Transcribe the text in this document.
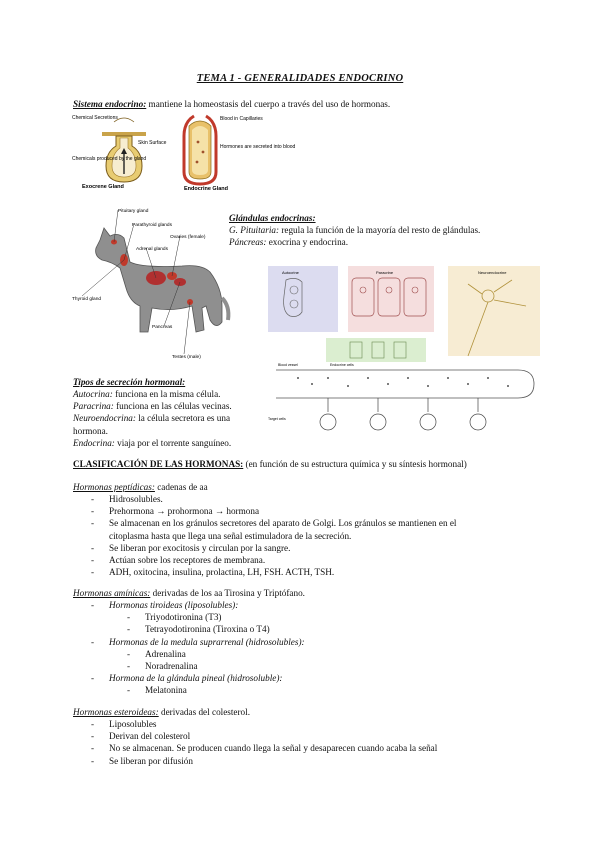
TEMA 1 - GENERALIDADES ENDOCRINO
Sistema endocrino: mantiene la homeostasis del cuerpo a través del uso de hormonas.
Chemical Secretions
Skin Surface
Chemicals produced by the gland
Exocrene Gland
Blood in Capillaries
Hormones are secreted into blood
Endocrine Gland
Pituitary gland
Parathyroid glands
Adrenal glands
Ovaries (female)
Thyroid gland
Pancreas
Testes (male)
Glándulas endocrinas:
G. Pituitaria: regula la función de la mayoría del resto de glándulas.
Páncreas: exocrina y endocrina.
Autocrine	Paracrine	Neuroendocrine
Endocrine cells
Blood vessel
Target cells
Tipos de secreción hormonal:
Autocrina: funciona en la misma célula.
Paracrina: funciona en las células vecinas.
Neuroendocrina: la célula secretora es una
hormona.
Endocrina: viaja por el torrente sanguíneo.
CLASIFICACIÓN DE LAS HORMONAS: (en función de su estructura química y su síntesis hormonal)
Hormonas peptídicas: cadenas de aa
- Hidrosolubles.
- Prehormona → prohormona → hormona
- Se almacenan en los gránulos secretores del aparato de Golgi. Los gránulos se mantienen en el
citoplasma hasta que llega una señal estimuladora de la secreción.
- Se liberan por exocitosis y circulan por la sangre.
- Actúan sobre los receptores de membrana.
- ADH, oxitocina, insulina, prolactina, LH, FSH. ACTH, TSH.
Hormonas amínicas: derivadas de los aa Tirosina y Triptófano.
- Hormonas tiroideas (liposolubles):
- Triyodotironina (T3)
- Tetrayodotironina (Tiroxina o T4)
- Hormonas de la medula suprarrenal (hidrosolubles):
- Adrenalina
- Noradrenalina
- Hormona de la glándula pineal (hidrosoluble):
- Melatonina
Hormonas esteroideas: derivadas del colesterol.
- Liposolubles
- Derivan del colesterol
- No se almacenan. Se producen cuando llega la señal y desaparecen cuando acaba la señal
- Se liberan por difusión
